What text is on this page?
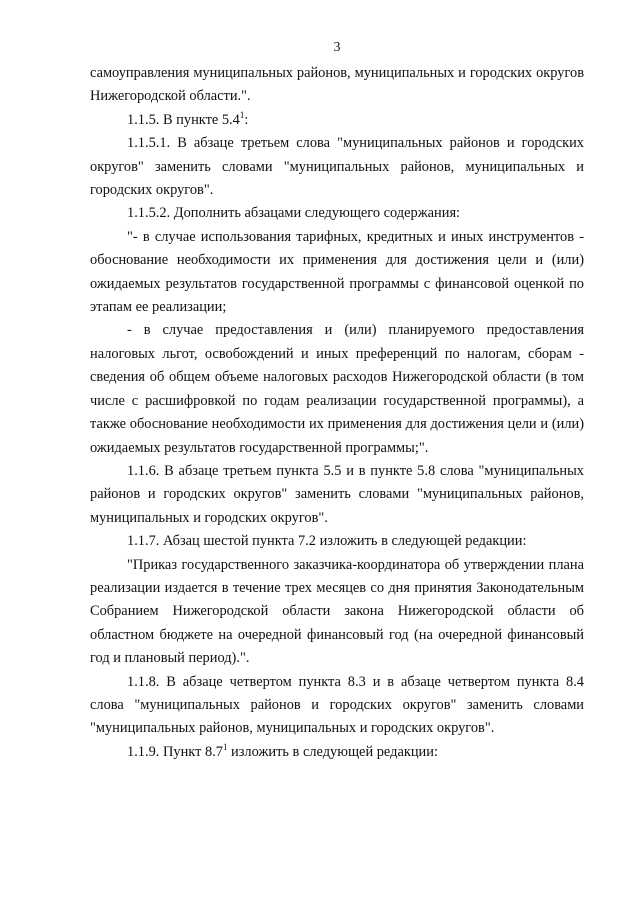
3

самоуправления муниципальных районов, муниципальных и городских округов Нижегородской области.".

1.1.5. В пункте $5.4^1$:

1.1.5.1. В абзаце третьем слова "муниципальных районов и городских округов" заменить словами "муниципальных районов, муниципальных и городских округов".

1.1.5.2. Дополнить абзацами следующего содержания:

"- в случае использования тарифных, кредитных и иных инструментов - обоснование необходимости их применения для достижения цели и (или) ожидаемых результатов государственной программы с финансовой оценкой по этапам ее реализации;

- в случае предоставления и (или) планируемого предоставления налоговых льгот, освобождений и иных преференций по налогам, сборам - сведения об общем объеме налоговых расходов Нижегородской области (в том числе с расшифровкой по годам реализации государственной программы), а также обоснование необходимости их применения для достижения цели и (или) ожидаемых результатов государственной программы;".

1.1.6. В абзаце третьем пункта 5.5 и в пункте 5.8 слова "муниципальных районов и городских округов" заменить словами "муниципальных районов, муниципальных и городских округов".

1.1.7. Абзац шестой пункта 7.2 изложить в следующей редакции:

"Приказ государственного заказчика-координатора об утверждении плана реализации издается в течение трех месяцев со дня принятия Законодательным Собранием Нижегородской области закона Нижегородской области об областном бюджете на очередной финансовый год (на очередной финансовый год и плановый период).".

1.1.8. В абзаце четвертом пункта 8.3 и в абзаце четвертом пункта 8.4 слова "муниципальных районов и городских округов" заменить словами "муниципальных районов, муниципальных и городских округов".

1.1.9. Пункт $8.7^1$ изложить в следующей редакции:
